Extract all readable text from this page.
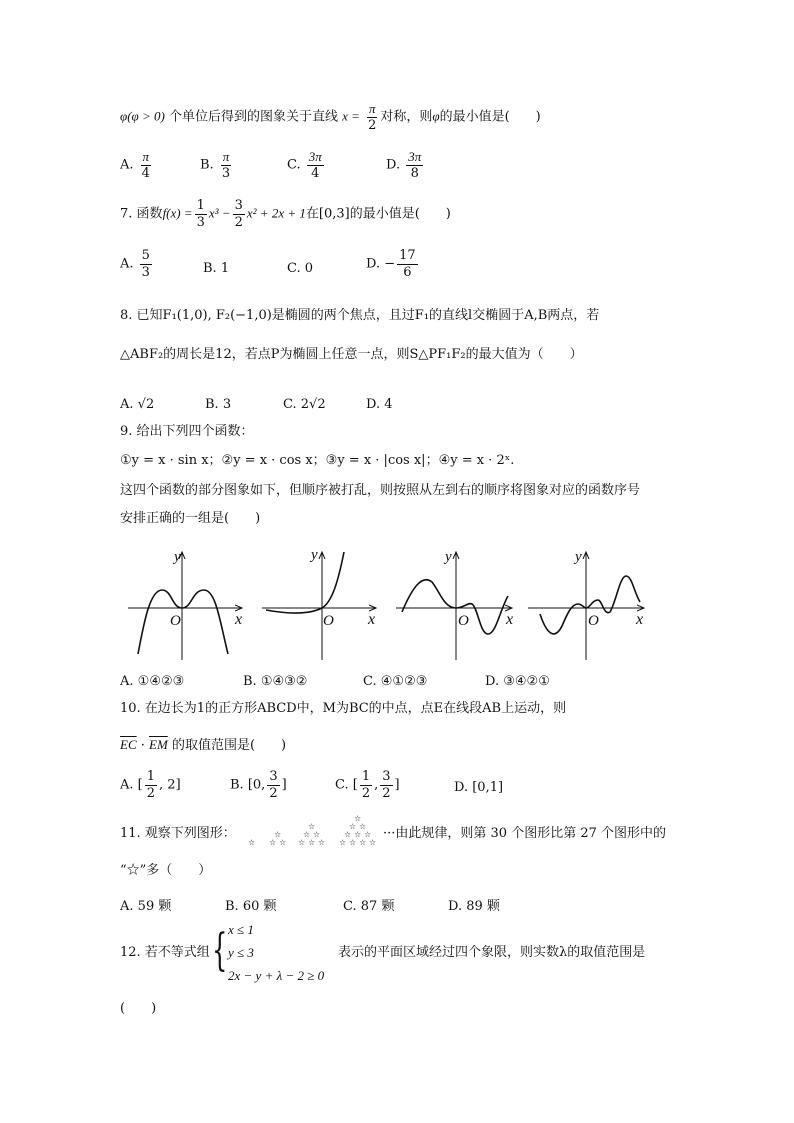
φ(φ > 0) 个单位后得到的图象关于直线 $x = \frac{\pi}{2}$ 对称，则φ的最小值是(　　)
A. $\frac{\pi}{4}$	B. $\frac{\pi}{3}$	C. $\frac{3\pi}{4}$	D. $\frac{3\pi}{8}$
7. 函数$f(x) = \frac{1}{3} x^3 - \frac{3}{2} x^2 + 2x + 1$在[0,3]的最小值是(　　)
A. $\frac{5}{3}$	B. 1	C. 0	D. − $\frac{17}{6}$
8. 已知F₁(1,0), F₂(−1,0)是椭圆的两个焦点，且过F₁的直线l交椭圆于A,B两点，若
△ABF₂的周长是12，若点P为椭圆上任意一点，则S△PF₁F₂的最大值为（　　）
A. √2	B. 3	C. 2√2	D. 4
9. 给出下列四个函数：
①y = x · sin x；②y = x · cos x；③y = x · |cos x|；④y = x · 2ˣ.
这四个函数的部分图象如下，但顺序被打乱，则按照从左到右的顺序将图象对应的函数序号
安排正确的一组是(　　)
y
x
O
y
x
O
y
x
O
y
x
O
A. ①④②③	B. ①④③②	C. ④①②③	D. ③④②①
10. 在边长为1的正方形ABCD中，M为BC的中点，点E在线段AB上运动，则
$\overline{EC} \cdot \overline{EM}$ 的取值范围是(　　)
A. [ $\frac{1}{2}$ , 2]	B. [0, $\frac{3}{2}$ ]	C. [ $\frac{1}{2}$ , $\frac{3}{2}$ ]	D. [0,1]
11. 观察下列图形：
☆
☆
☆ ☆
☆
☆ ☆
☆ ☆ ☆
☆
☆ ☆
☆ ☆ ☆
☆ ☆ ☆ ☆
···由此规律，则第 30 个图形比第 27 个图形中的
“☆”多（　　）
A. 59 颗	B. 60 颗	C. 87 颗	D. 89 颗
12. 若不等式组 { x ≤ 1
y ≤ 3
2x − y + λ − 2 ≥ 0
表示的平面区域经过四个象限，则实数λ的取值范围是
(　　)
